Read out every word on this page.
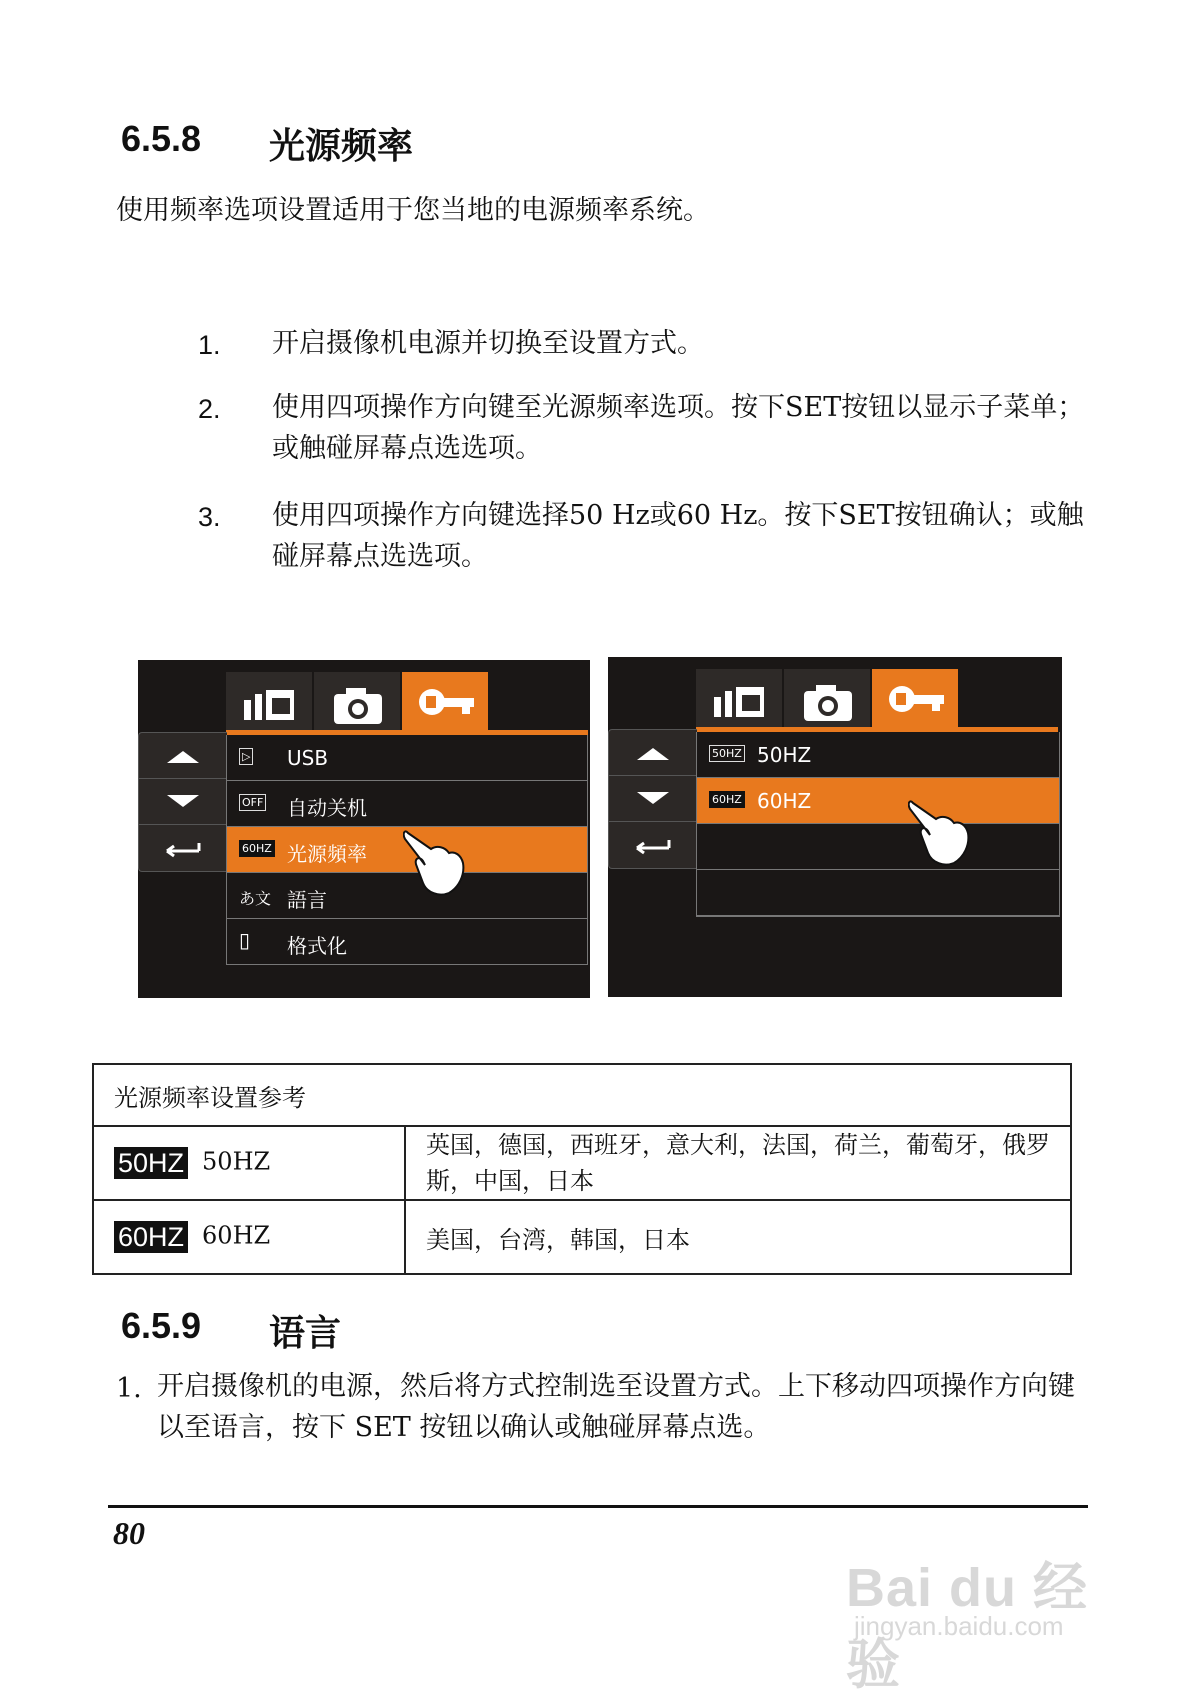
6.5.8 光源频率
使用频率选项设置适用于您当地的电源频率系统。
1. 开启摄像机电源并切换至设置方式。
2. 使用四项操作方向键至光源频率选项。按下SET按钮以显示子菜单；或触碰屏幕点选选项。
3. 使用四项操作方向键选择50 Hz或60 Hz。按下SET按钮确认；或触碰屏幕点选选项。
▷ USB
OFF 自动关机
60HZ 光源頻率
あ文 語言
▯ 格式化
50HZ 50HZ
60HZ 60HZ
光源频率设置参考	
50HZ 50HZ	英国，德国，西班牙，意大利，法国，荷兰，葡萄牙，俄罗斯，中国，日本
60HZ 60HZ	美国，台湾，韩国，日本
6.5.9 语言
1. 开启摄像机的电源，然后将方式控制选至设置方式。上下移动四项操作方向键以至语言，按下 SET 按钮以确认或触碰屏幕点选。
80
Bai du 经验
jingyan.baidu.com
